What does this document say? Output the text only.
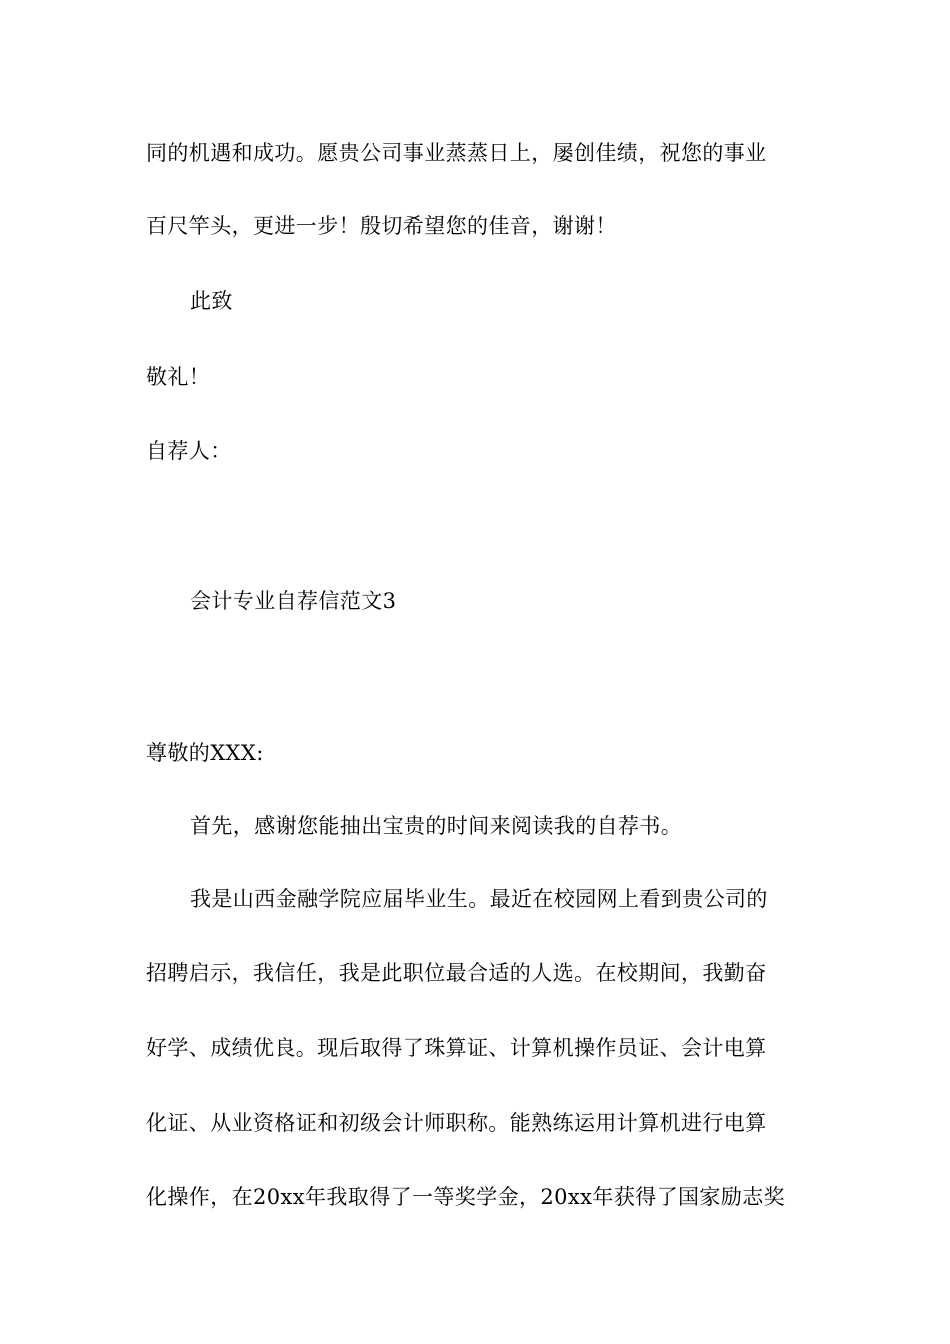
同的机遇和成功。愿贵公司事业蒸蒸日上，屡创佳绩，祝您的事业
百尺竿头，更进一步！殷切希望您的佳音，谢谢！
此致
敬礼！
自荐人：
会计专业自荐信范文3
尊敬的XXX:
首先，感谢您能抽出宝贵的时间来阅读我的自荐书。
我是山西金融学院应届毕业生。最近在校园网上看到贵公司的
招聘启示，我信任，我是此职位最合适的人选。在校期间，我勤奋
好学、成绩优良。现后取得了珠算证、计算机操作员证、会计电算
化证、从业资格证和初级会计师职称。能熟练运用计算机进行电算
化操作，在20xx年我取得了一等奖学金，20xx年获得了国家励志奖
